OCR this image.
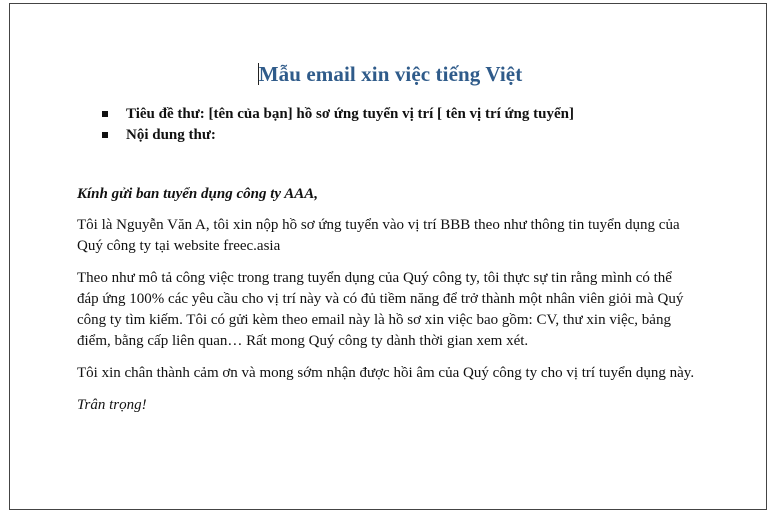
Mẫu email xin việc tiếng Việt
Tiêu đề thư: [tên của bạn] hồ sơ ứng tuyển vị trí [ tên vị trí ứng tuyển]
Nội dung thư:

Kính gửi ban tuyển dụng công ty AAA,

Tôi là Nguyễn Văn A, tôi xin nộp hồ sơ ứng tuyển vào vị trí BBB theo như thông tin tuyển dụng của Quý công ty tại website freec.asia

Theo như mô tả công việc trong trang tuyển dụng của Quý công ty, tôi thực sự tin rằng mình có thể đáp ứng 100% các yêu cầu cho vị trí này và có đủ tiềm năng để trở thành một nhân viên giỏi mà Quý công ty tìm kiếm. Tôi có gửi kèm theo email này là hồ sơ xin việc bao gồm: CV, thư xin việc, bảng điểm, bằng cấp liên quan… Rất mong Quý công ty dành thời gian xem xét.

Tôi xin chân thành cảm ơn và mong sớm nhận được hồi âm của Quý công ty cho vị trí tuyển dụng này.

Trân trọng!
